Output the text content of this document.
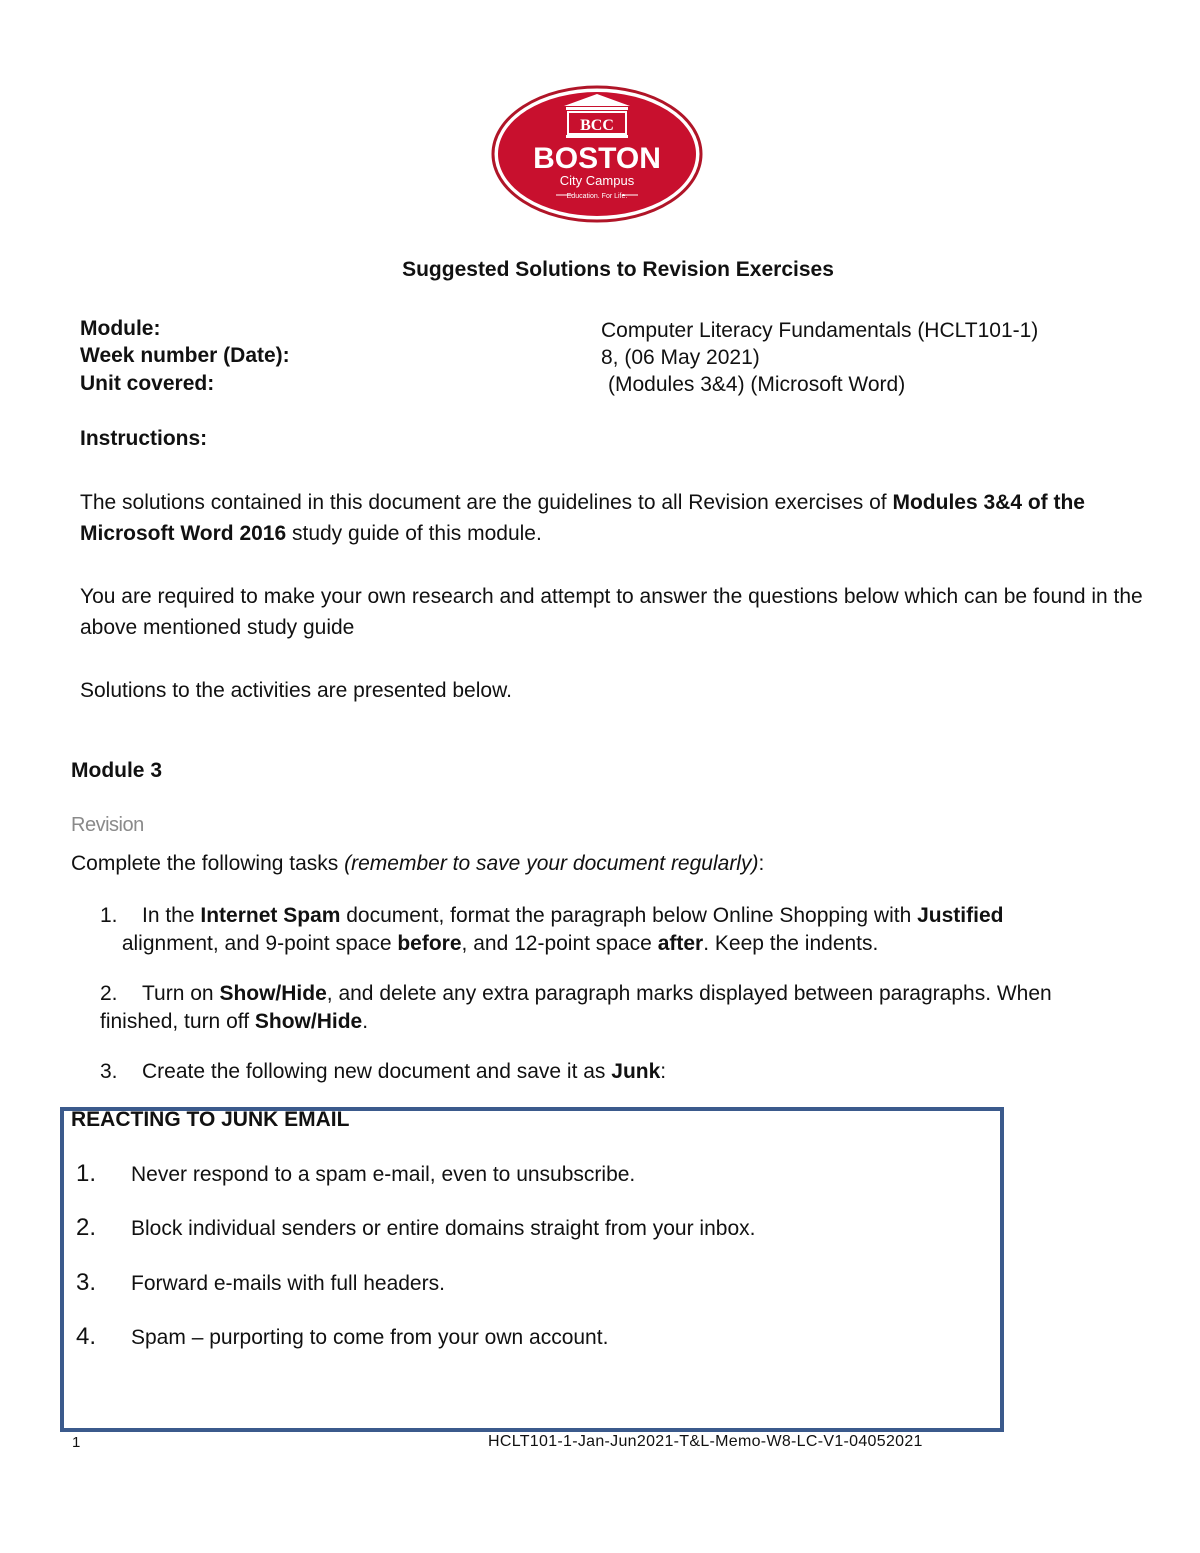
BCC
BOSTON
City Campus
Education. For Life.
Suggested Solutions to Revision Exercises
Module:	Computer Literacy Fundamentals (HCLT101-1)
Week number (Date):	8, (06 May 2021)
Unit covered:	(Modules 3&4) (Microsoft Word)
Instructions:
The solutions contained in this document are the guidelines to all Revision exercises of Modules 3&4 of the Microsoft Word 2016 study guide of this module.
You are required to make your own research and attempt to answer the questions below which can be found in the above mentioned study guide
Solutions to the activities are presented below.
Module 3
Revision
Complete the following tasks (remember to save your document regularly):
1. In the Internet Spam document, format the paragraph below Online Shopping with Justified
alignment, and 9-point space before, and 12-point space after. Keep the indents.
2. Turn on Show/Hide, and delete any extra paragraph marks displayed between paragraphs. When finished, turn off Show/Hide.
3. Create the following new document and save it as Junk:
REACTING TO JUNK EMAIL
1. Never respond to a spam e-mail, even to unsubscribe.
2. Block individual senders or entire domains straight from your inbox.
3. Forward e-mails with full headers.
4. Spam – purporting to come from your own account.
1	HCLT101-1-Jan-Jun2021-T&L-Memo-W8-LC-V1-04052021
